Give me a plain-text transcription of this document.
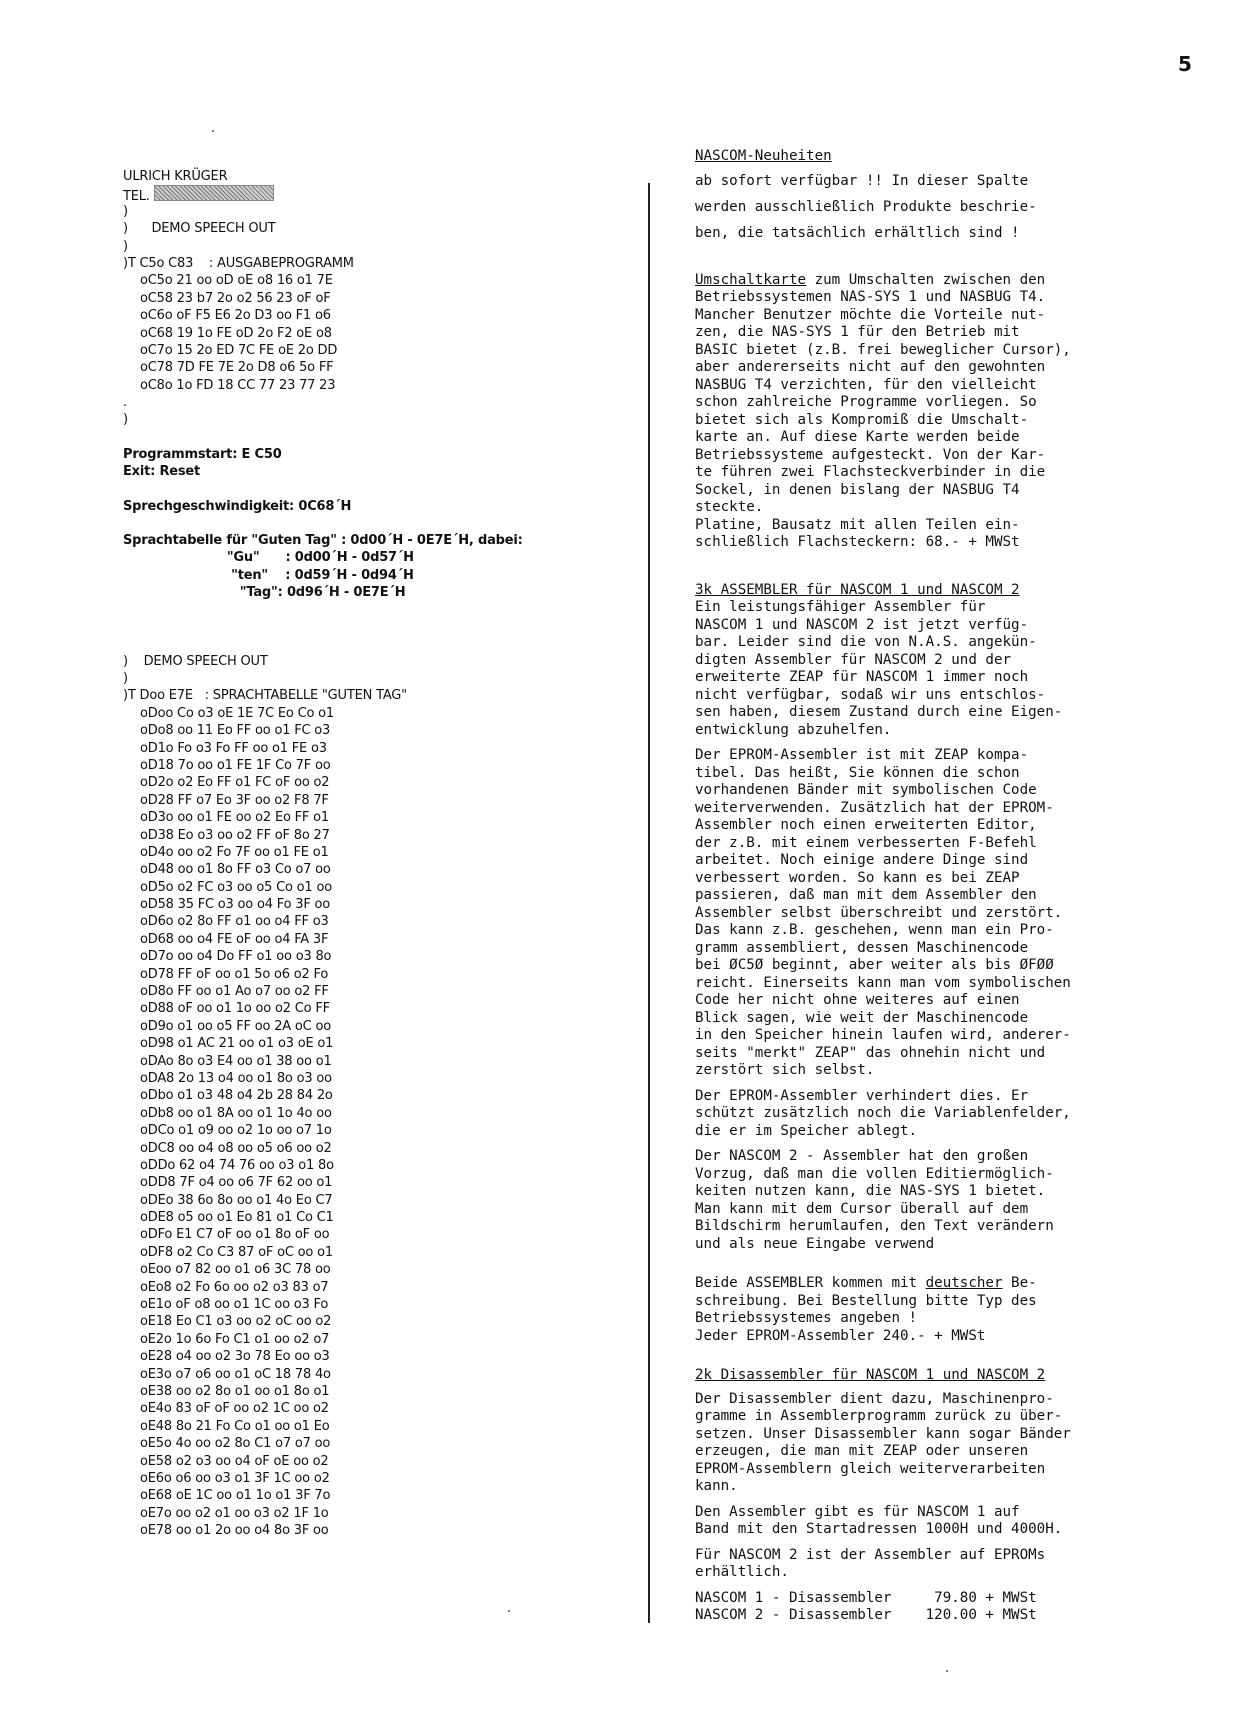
5
ULRICH KRÜGER
TEL.
)
)      DEMO SPEECH OUT
)
)T C5o C83    : AUSGABEPROGRAMM
oC5o 21 oo oD oE o8 16 o1 7E
oC58 23 b7 2o o2 56 23 oF oF
oC6o oF F5 E6 2o D3 oo F1 o6
oC68 19 1o FE oD 2o F2 oE o8
oC7o 15 2o ED 7C FE oE 2o DD
oC78 7D FE 7E 2o D8 o6 5o FF
oC8o 1o FD 18 CC 77 23 77 23
.
)
Programmstart: E C50
Exit: Reset
Sprechgeschwindigkeit: 0C68´H
Sprachtabelle für "Guten Tag" : 0d00´H - 0E7E´H, dabei:
"Gu"      : 0d00´H - 0d57´H
"ten"    : 0d59´H - 0d94´H
"Tag": 0d96´H - 0E7E´H
)    DEMO SPEECH OUT
)
)T Doo E7E   : SPRACHTABELLE "GUTEN TAG"
oDoo Co o3 oE 1E 7C Eo Co o1
oDo8 oo 11 Eo FF oo o1 FC o3
oD1o Fo o3 Fo FF oo o1 FE o3
oD18 7o oo o1 FE 1F Co 7F oo
oD2o o2 Eo FF o1 FC oF oo o2
oD28 FF o7 Eo 3F oo o2 F8 7F
oD3o oo o1 FE oo o2 Eo FF o1
oD38 Eo o3 oo o2 FF oF 8o 27
oD4o oo o2 Fo 7F oo o1 FE o1
oD48 oo o1 8o FF o3 Co o7 oo
oD5o o2 FC o3 oo o5 Co o1 oo
oD58 35 FC o3 oo o4 Fo 3F oo
oD6o o2 8o FF o1 oo o4 FF o3
oD68 oo o4 FE oF oo o4 FA 3F
oD7o oo o4 Do FF o1 oo o3 8o
oD78 FF oF oo o1 5o o6 o2 Fo
oD8o FF oo o1 Ao o7 oo o2 FF
oD88 oF oo o1 1o oo o2 Co FF
oD9o o1 oo o5 FF oo 2A oC oo
oD98 o1 AC 21 oo o1 o3 oE o1
oDAo 8o o3 E4 oo o1 38 oo o1
oDA8 2o 13 o4 oo o1 8o o3 oo
oDbo o1 o3 48 o4 2b 28 84 2o
oDb8 oo o1 8A oo o1 1o 4o oo
oDCo o1 o9 oo o2 1o oo o7 1o
oDC8 oo o4 o8 oo o5 o6 oo o2
oDDo 62 o4 74 76 oo o3 o1 8o
oDD8 7F o4 oo o6 7F 62 oo o1
oDEo 38 6o 8o oo o1 4o Eo C7
oDE8 o5 oo o1 Eo 81 o1 Co C1
oDFo E1 C7 oF oo o1 8o oF oo
oDF8 o2 Co C3 87 oF oC oo o1
oEoo o7 82 oo o1 o6 3C 78 oo
oEo8 o2 Fo 6o oo o2 o3 83 o7
oE1o oF o8 oo o1 1C oo o3 Fo
oE18 Eo C1 o3 oo o2 oC oo o2
oE2o 1o 6o Fo C1 o1 oo o2 o7
oE28 o4 oo o2 3o 78 Eo oo o3
oE3o o7 o6 oo o1 oC 18 78 4o
oE38 oo o2 8o o1 oo o1 8o o1
oE4o 83 oF oF oo o2 1C oo o2
oE48 8o 21 Fo Co o1 oo o1 Eo
oE5o 4o oo o2 8o C1 o7 o7 oo
oE58 o2 o3 oo o4 oF oE oo o2
oE6o o6 oo o3 o1 3F 1C oo o2
oE68 oE 1C oo o1 1o o1 3F 7o
oE7o oo o2 o1 oo o3 o2 1F 1o
oE78 oo o1 2o oo o4 8o 3F oo

NASCOM-Neuheiten

ab sofort verfügbar !! In dieser Spalte
werden ausschließlich Produkte beschrie-
ben, die tatsächlich erhältlich sind !

Umschaltkarte zum Umschalten zwischen den
Betriebssystemen NAS-SYS 1 und NASBUG T4.
Mancher Benutzer möchte die Vorteile nut-
zen, die NAS-SYS 1 für den Betrieb mit
BASIC bietet (z.B. frei beweglicher Cursor),
aber andererseits nicht auf den gewohnten
NASBUG T4 verzichten, für den vielleicht
schon zahlreiche Programme vorliegen. So
bietet sich als Kompromiß die Umschalt-
karte an. Auf diese Karte werden beide
Betriebssysteme aufgesteckt. Von der Kar-
te führen zwei Flachsteckverbinder in die
Sockel, in denen bislang der NASBUG T4
steckte.
Platine, Bausatz mit allen Teilen ein-
schließlich Flachsteckern: 68.- + MWSt

3k ASSEMBLER für NASCOM 1 und NASCOM 2

Ein leistungsfähiger Assembler für
NASCOM 1 und NASCOM 2 ist jetzt verfüg-
bar. Leider sind die von N.A.S. angekün-
digten Assembler für NASCOM 2 und der
erweiterte ZEAP für NASCOM 1 immer noch
nicht verfügbar, sodaß wir uns entschlos-
sen haben, diesem Zustand durch eine Eigen-
entwicklung abzuhelfen.

Der EPROM-Assembler ist mit ZEAP kompa-
tibel. Das heißt, Sie können die schon
vorhandenen Bänder mit symbolischen Code
weiterverwenden. Zusätzlich hat der EPROM-
Assembler noch einen erweiterten Editor,
der z.B. mit einem verbesserten F-Befehl
arbeitet. Noch einige andere Dinge sind
verbessert worden. So kann es bei ZEAP
passieren, daß man mit dem Assembler den
Assembler selbst überschreibt und zerstört.
Das kann z.B. geschehen, wenn man ein Pro-
gramm assembliert, dessen Maschinencode
bei ØC5Ø beginnt, aber weiter als bis ØFØØ
reicht. Einerseits kann man vom symbolischen
Code her nicht ohne weiteres auf einen
Blick sagen, wie weit der Maschinencode
in den Speicher hinein laufen wird, anderer-
seits "merkt" ZEAP" das ohnehin nicht und
zerstört sich selbst.

Der EPROM-Assembler verhindert dies. Er
schützt zusätzlich noch die Variablenfelder,
die er im Speicher ablegt.

Der NASCOM 2 - Assembler hat den großen
Vorzug, daß man die vollen Editiermöglich-
keiten nutzen kann, die NAS-SYS 1 bietet.
Man kann mit dem Cursor überall auf dem
Bildschirm herumlaufen, den Text verändern
und als neue Eingabe verwend

Beide ASSEMBLER kommen mit deutscher Be-
schreibung. Bei Bestellung bitte Typ des
Betriebssystemes angeben !
Jeder EPROM-Assembler 240.- + MWSt

2k Disassembler für NASCOM 1 und NASCOM 2

Der Disassembler dient dazu, Maschinenpro-
gramme in Assemblerprogramm zurück zu über-
setzen. Unser Disassembler kann sogar Bänder
erzeugen, die man mit ZEAP oder unseren
EPROM-Assemblern gleich weiterverarbeiten
kann.

Den Assembler gibt es für NASCOM 1 auf
Band mit den Startadressen 1000H und 4000H.

Für NASCOM 2 ist der Assembler auf EPROMs
erhältlich.

NASCOM 1 - Disassembler     79.80 + MWSt
NASCOM 2 - Disassembler    120.00 + MWSt
